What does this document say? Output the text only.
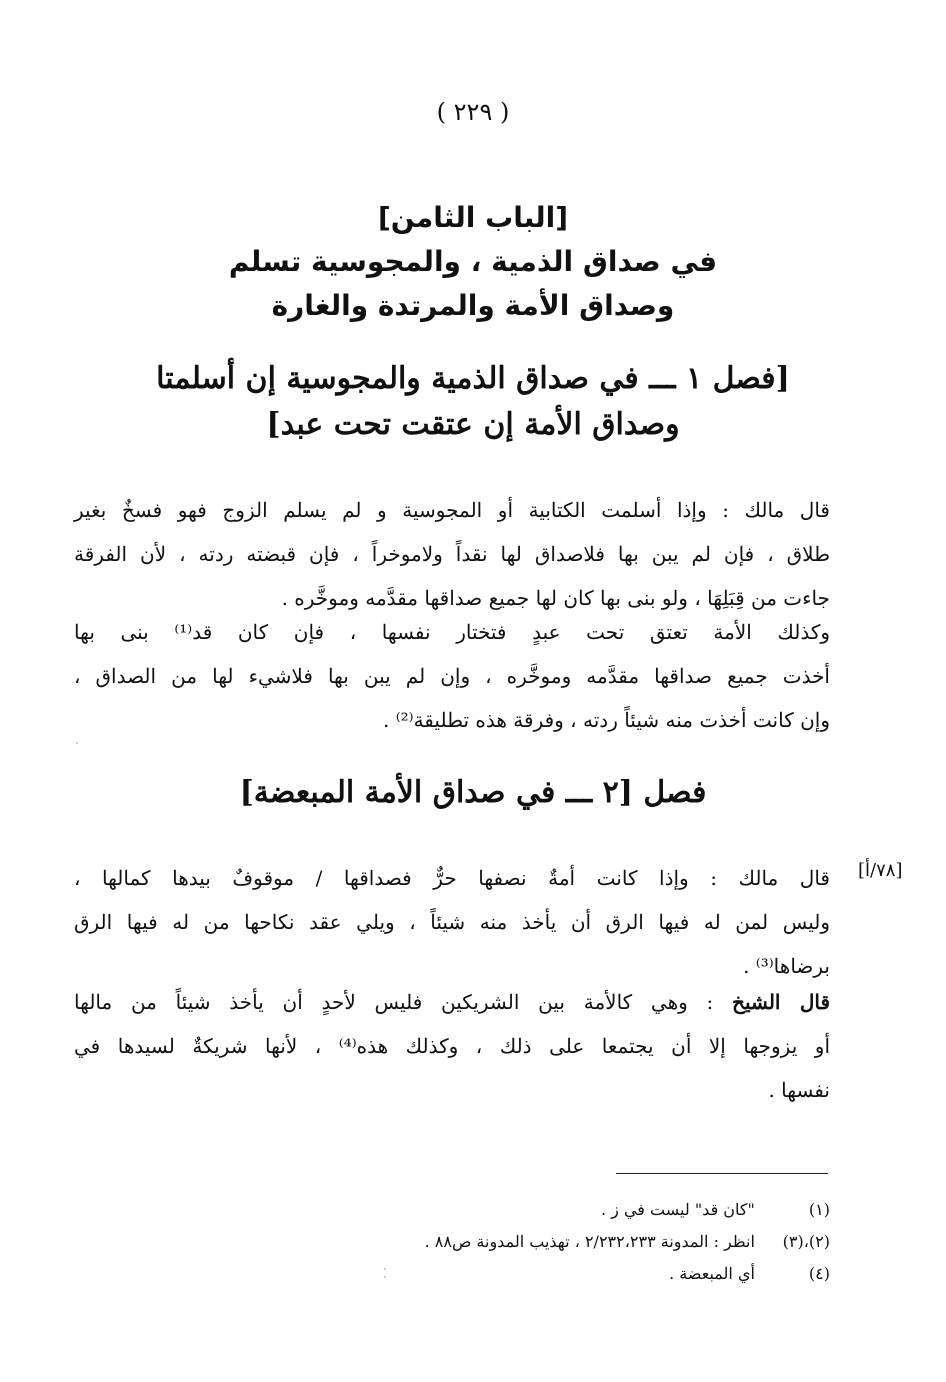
( ٢٢٩ )
[الباب الثامن]
في صداق الذمية ، والمجوسية تسلم
وصداق الأمة والمرتدة والغارة
[فصل ١ ـــ في صداق الذمية والمجوسية إن أسلمتا
وصداق الأمة إن عتقت تحت عبد]
قال مالك : وإذا أسلمت الكتابية أو المجوسية و لم يسلم الزوج فهو فسخٌ بغير
طلاق ، فإن لم يبن بها فلاصداق لها نقداً ولاموخراً ، فإن قبضته ردته ، لأن الفرقة
جاءت من قِبَلِهَا ، ولو بنى بها كان لها جميع صداقها مقدَّمه وموخَّره .
وكذلك الأمة تعتق تحت عبدٍ فتختار نفسها ، فإن كان قد⁽¹⁾ بنى بها
أخذت جميع صداقها مقدَّمه وموخَّره ، وإن لم يبن بها فلاشيء لها من الصداق ،
وإن كانت أخذت منه شيئاً ردته ، وفرقة هذه تطليقة⁽²⁾ .
فصل [٢ ـــ في صداق الأمة المبعضة]
[٧٨/أ]
قال مالك : وإذا كانت أمةٌ نصفها حرٌّ فصداقها / موقوفٌ بيدها كمالها ،
وليس لمن له فيها الرق أن يأخذ منه شيئاً ، ويلي عقد نكاحها من له فيها الرق
برضاها⁽³⁾ .
قال الشيخ : وهي كالأمة بين الشريكين فليس لأحدٍ أن يأخذ شيئاً من مالها
أو يزوجها إلا أن يجتمعا على ذلك ، وكذلك هذه⁽⁴⁾ ، لأنها شريكةٌ لسيدها في
نفسها .
(١) "كان قد" ليست في ز .
(٢)،(٣) انظر : المدونة ٢/٢٣٢،٢٣٣ ، تهذيب المدونة ص٨٨ .
(٤) أي المبعضة .
